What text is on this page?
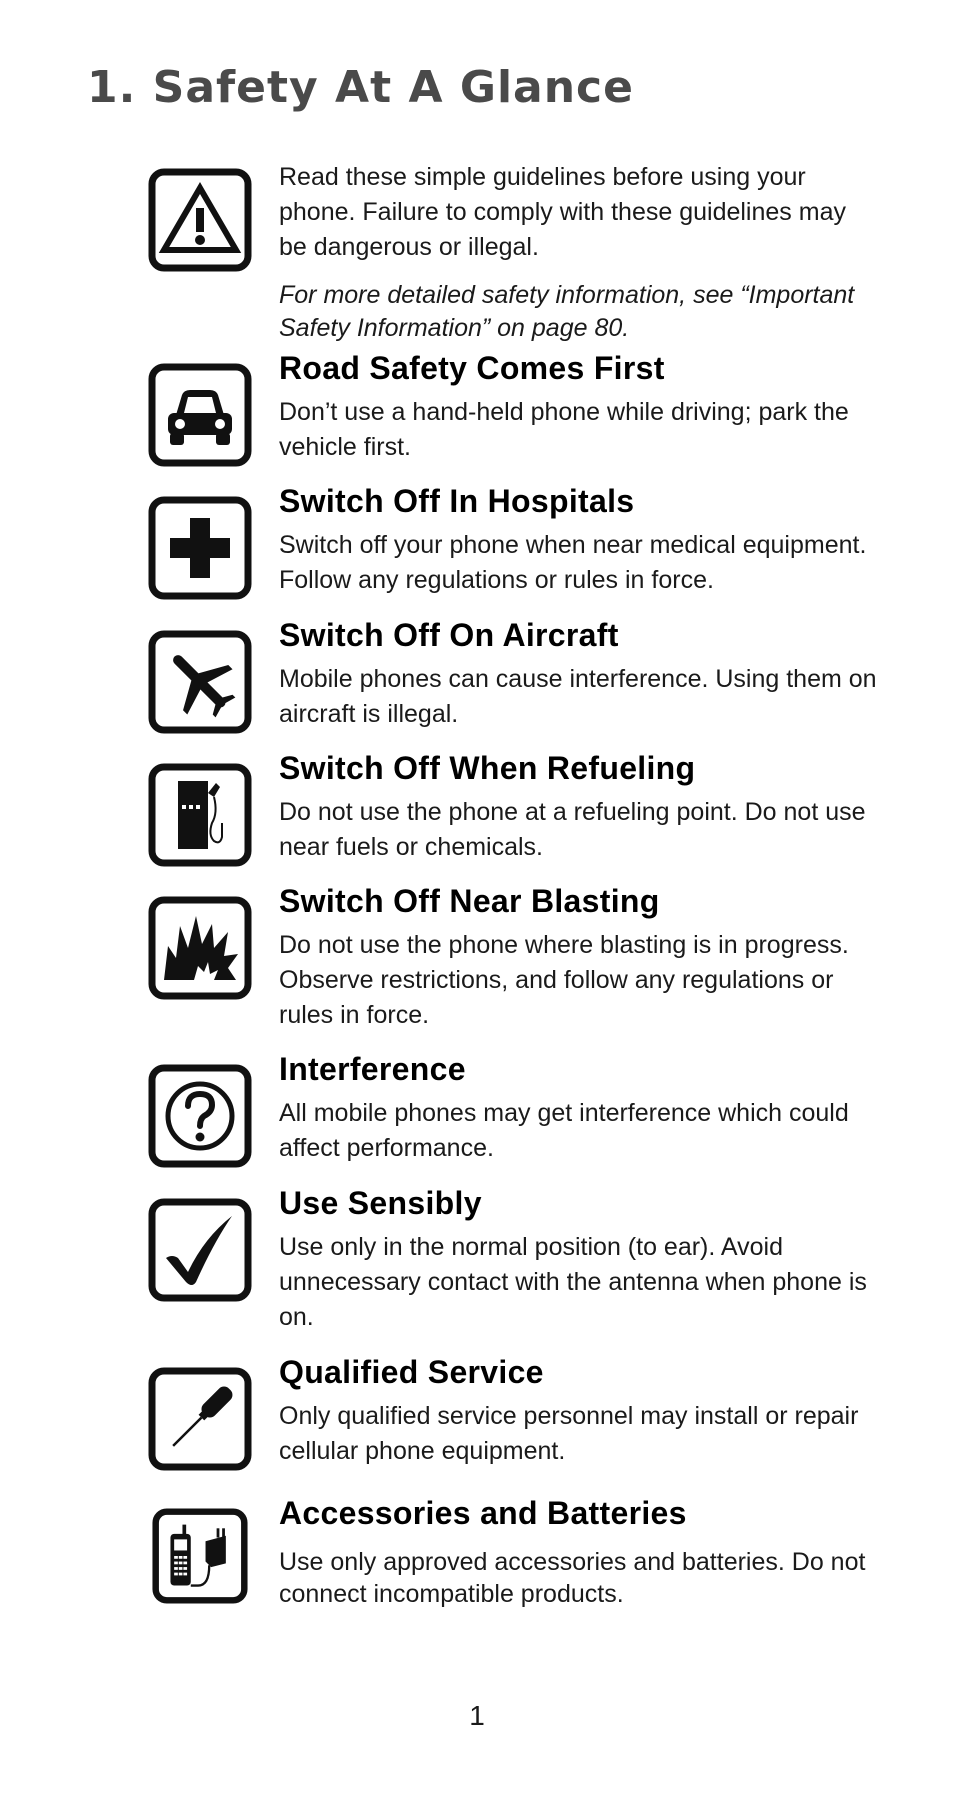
1. Safety At A Glance

Read these simple guidelines before using your phone. Failure to comply with these guidelines may be dangerous or illegal.

For more detailed safety information, see “Important Safety Information” on page 80.

Road Safety Comes First

Don’t use a hand-held phone while driving; park the vehicle first.

Switch Off In Hospitals

Switch off your phone when near medical equipment. Follow any regulations or rules in force.

Switch Off On Aircraft

Mobile phones can cause interference. Using them on aircraft is illegal.

Switch Off When Refueling

Do not use the phone at a refueling point. Do not use near fuels or chemicals.

Switch Off Near Blasting

Do not use the phone where blasting is in progress. Observe restrictions, and follow any regulations or rules in force.

Interference

All mobile phones may get interference which could affect performance.

Use Sensibly

Use only in the normal position (to ear). Avoid unnecessary contact with the antenna when phone is on.

Qualified Service

Only qualified service personnel may install or repair cellular phone equipment.

Accessories and Batteries

Use only approved accessories and batteries. Do not connect incompatible products.

1
